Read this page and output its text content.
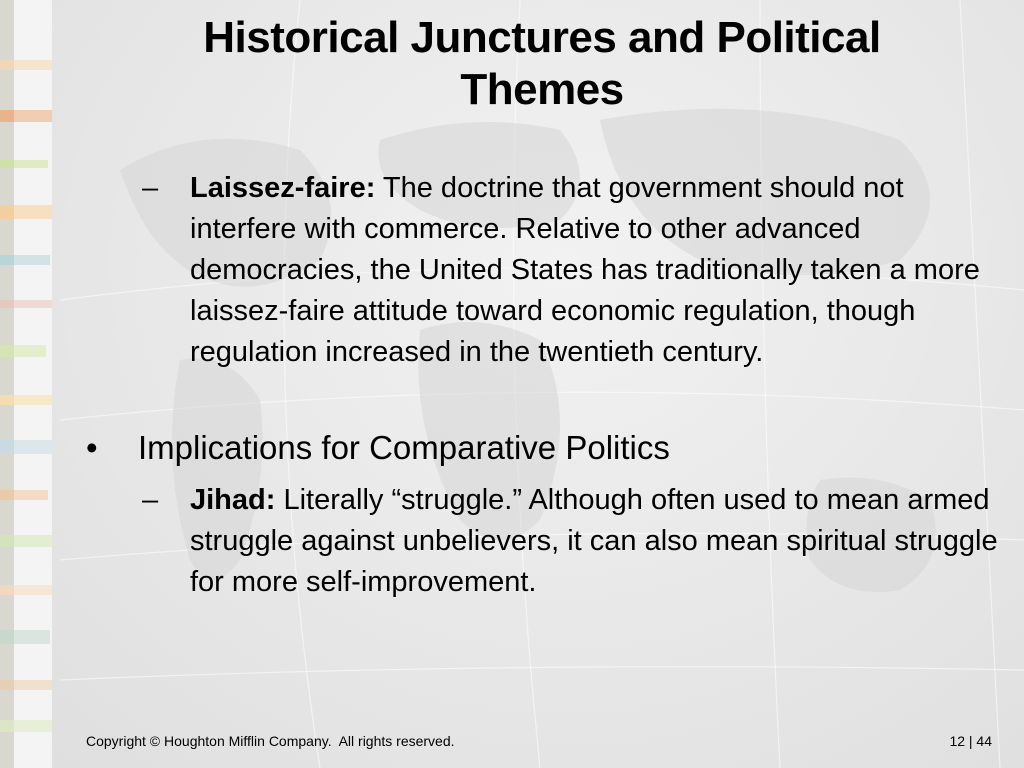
Historical Junctures and Political
Themes
– Laissez-faire: The doctrine that government should not interfere with commerce. Relative to other advanced democracies, the United States has traditionally taken a more laissez-faire attitude toward economic regulation, though regulation increased in the twentieth century.
• Implications for Comparative Politics
– Jihad: Literally “struggle.” Although often used to mean armed struggle against unbelievers, it can also mean spiritual struggle for more self-improvement.
Copyright © Houghton Mifflin Company.  All rights reserved.	12 | 44
